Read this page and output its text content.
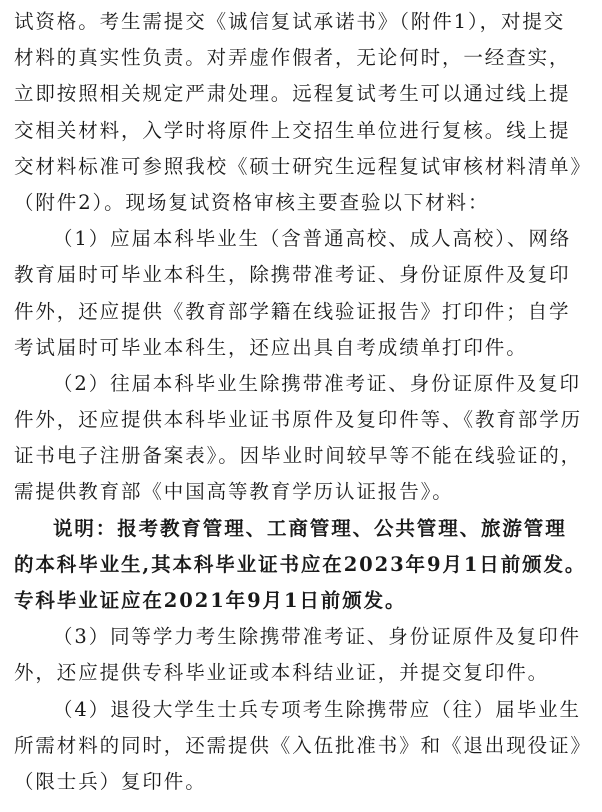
试资格。考生需提交《诚信复试承诺书》（附件1），对提交
材料的真实性负责。对弄虚作假者，无论何时，一经查实，
立即按照相关规定严肃处理。远程复试考生可以通过线上提
交相关材料，入学时将原件上交招生单位进行复核。线上提
交材料标准可参照我校《硕士研究生远程复试审核材料清单》
（附件2）。现场复试资格审核主要查验以下材料：
（1）应届本科毕业生（含普通高校、成人高校）、网络
教育届时可毕业本科生，除携带准考证、身份证原件及复印
件外，还应提供《教育部学籍在线验证报告》打印件；自学
考试届时可毕业本科生，还应出具自考成绩单打印件。
（2）往届本科毕业生除携带准考证、身份证原件及复印
件外，还应提供本科毕业证书原件及复印件等、《教育部学历
证书电子注册备案表》。因毕业时间较早等不能在线验证的，
需提供教育部《中国高等教育学历认证报告》。
说明：报考教育管理、工商管理、公共管理、旅游管理
的本科毕业生,其本科毕业证书应在2023年9月1日前颁发。
专科毕业证应在2021年9月1日前颁发。
（3）同等学力考生除携带准考证、身份证原件及复印件
外，还应提供专科毕业证或本科结业证，并提交复印件。
（4）退役大学生士兵专项考生除携带应（往）届毕业生
所需材料的同时，还需提供《入伍批准书》和《退出现役证》
（限士兵）复印件。
